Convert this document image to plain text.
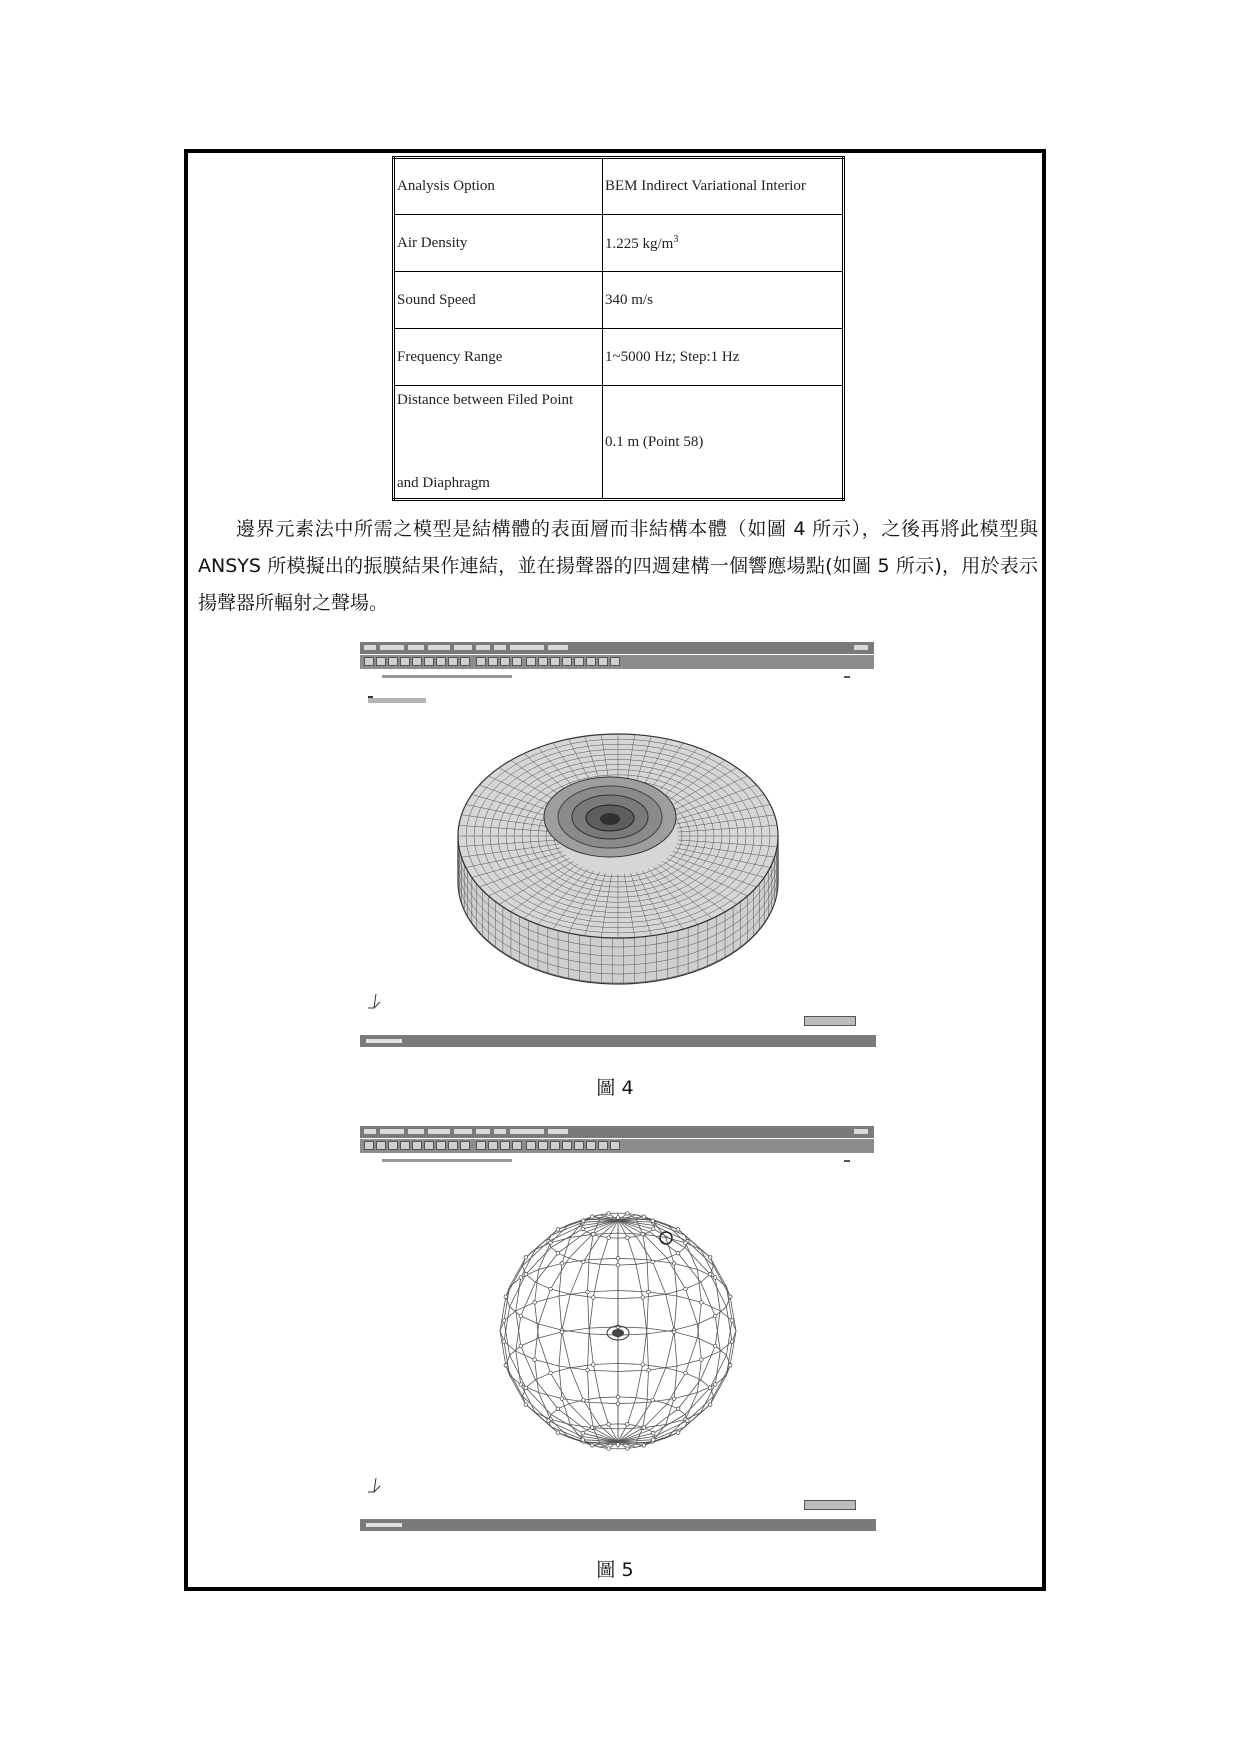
Analysis Option	BEM Indirect Variational Interior
Air Density	1.225 $kg/m^3$
Sound Speed	340 m/s
Frequency Range	1~5000 Hz; Step:1 Hz

Distance between Filed Point
and Diaphragm	0.1 m (Point 58)

邊界元素法中所需之模型是結構體的表面層而非結構本體（如圖 4 所示），之後再將此模型與 ANSYS 所模擬出的振膜結果作連結，並在揚聲器的四週建構一個響應場點(如圖 5 所示)，用於表示揚聲器所輻射之聲場。

圖 4
圖 5
